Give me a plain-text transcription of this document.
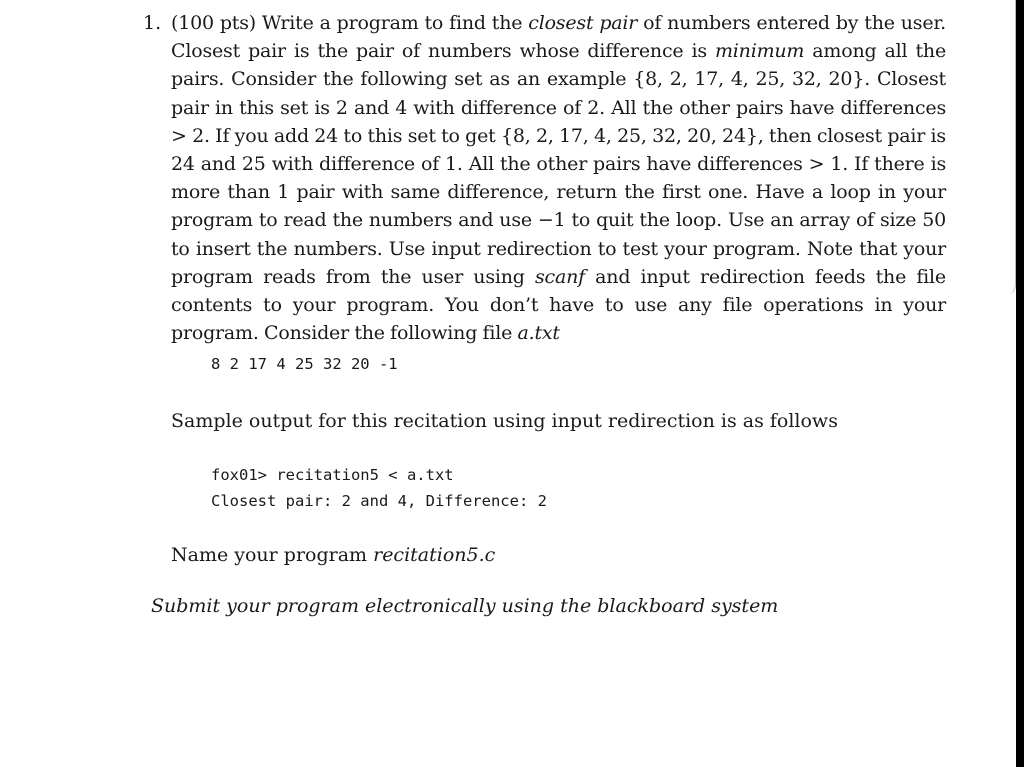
1. (100 pts) Write a program to find the closest pair of numbers entered by the user. Closest pair is the pair of numbers whose difference is minimum among all the pairs. Consider the following set as an example {8, 2, 17, 4, 25, 32, 20}. Closest pair in this set is 2 and 4 with difference of 2. All the other pairs have differences > 2. If you add 24 to this set to get {8, 2, 17, 4, 25, 32, 20, 24}, then closest pair is 24 and 25 with difference of 1. All the other pairs have differences > 1. If there is more than 1 pair with same difference, return the first one. Have a loop in your program to read the numbers and use −1 to quit the loop. Use an array of size 50 to insert the numbers. Use input redirection to test your program. Note that your program reads from the user using scanf and input redirection feeds the file contents to your program. You don’t have to use any file operations in your program. Consider the following file a.txt
8 2 17 4 25 32 20 -1
Sample output for this recitation using input redirection is as follows
fox01> recitation5 < a.txt
Closest pair: 2 and 4, Difference: 2
Name your program recitation5.c
Submit your program electronically using the blackboard system
